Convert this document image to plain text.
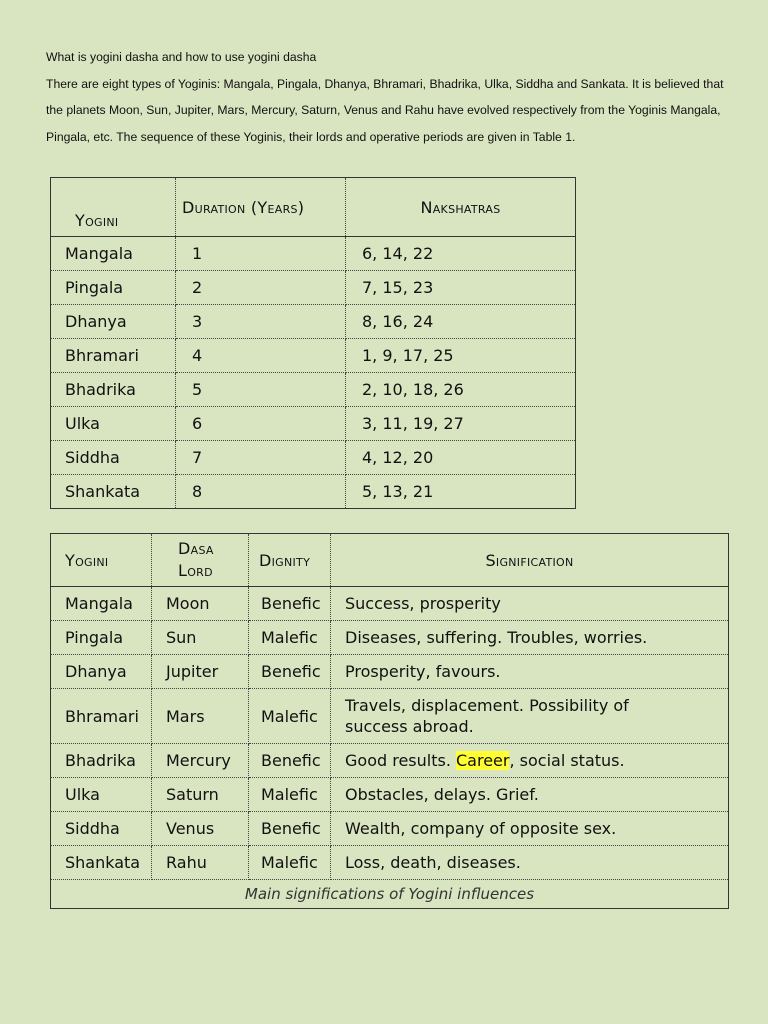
What is yogini dasha and how to use yogini dasha

There are eight types of Yoginis: Mangala, Pingala, Dhanya, Bhramari, Bhadrika, Ulka, Siddha and Sankata. It is believed that the planets Moon, Sun, Jupiter, Mars, Mercury, Saturn, Venus and Rahu have evolved respectively from the Yoginis Mangala, Pingala, etc. The sequence of these Yoginis, their lords and operative periods are given in Table 1.

Yogini	Duration (Years)	Nakshatras
Mangala	1	6, 14, 22
Pingala	2	7, 15, 23
Dhanya	3	8, 16, 24
Bhramari	4	1, 9, 17, 25
Bhadrika	5	2, 10, 18, 26
Ulka	6	3, 11, 19, 27
Siddha	7	4, 12, 20
Shankata	8	5, 13, 21
Yogini	Dasa Lord	Dignity	Signification
Mangala	Moon	Benefic	Success, prosperity
Pingala	Sun	Malefic	Diseases, suffering. Troubles, worries.
Dhanya	Jupiter	Benefic	Prosperity, favours.
Bhramari	Mars	Malefic	Travels, displacement. Possibility of success abroad.
Bhadrika	Mercury	Benefic	Good results. Career, social status.
Ulka	Saturn	Malefic	Obstacles, delays. Grief.
Siddha	Venus	Benefic	Wealth, company of opposite sex.
Shankata	Rahu	Malefic	Loss, death, diseases.
Main significations of Yogini influences			
